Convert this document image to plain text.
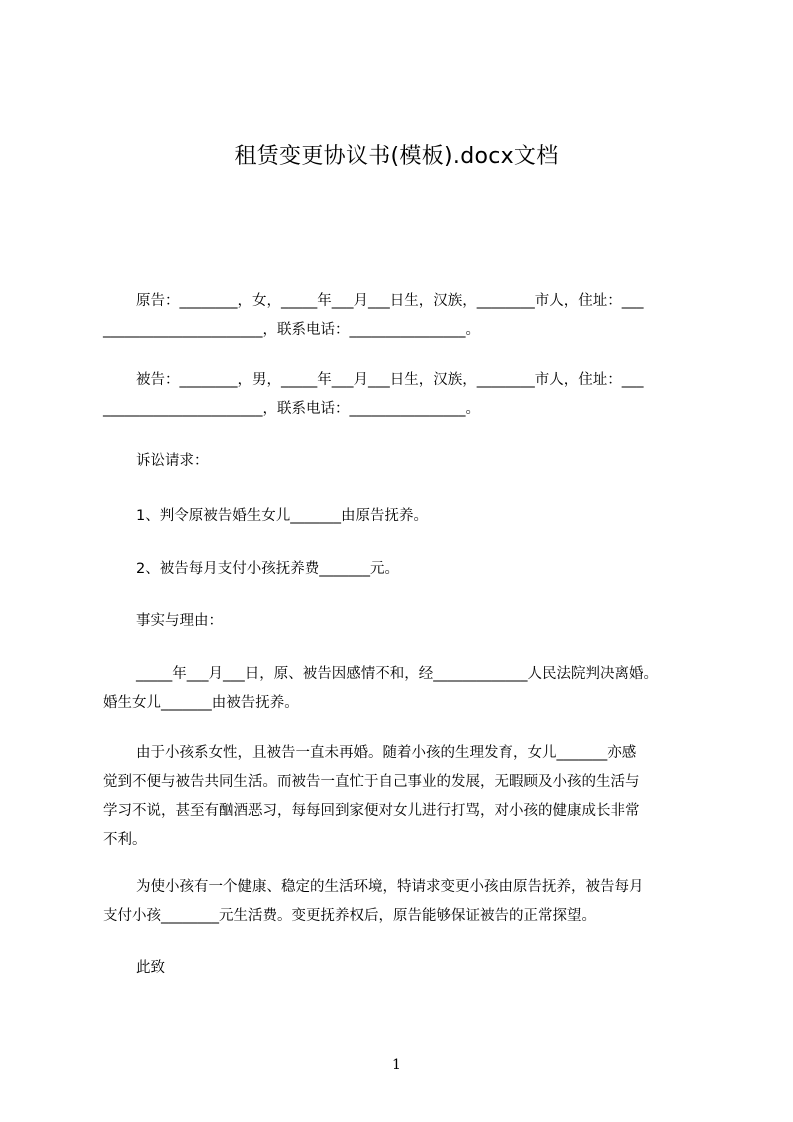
租赁变更协议书(模板).docx文档
原告：________，女，_____年___月___日生，汉族，________市人，住址：___
______________________，联系电话：________________。
被告：________，男，_____年___月___日生，汉族，________市人，住址：___
______________________，联系电话：________________。
诉讼请求：
1、判令原被告婚生女儿_______由原告抚养。
2、被告每月支付小孩抚养费_______元。
事实与理由：
_____年___月___日，原、被告因感情不和，经_____________人民法院判决离婚。
婚生女儿_______由被告抚养。
由于小孩系女性，且被告一直未再婚。随着小孩的生理发育，女儿_______亦感
觉到不便与被告共同生活。而被告一直忙于自己事业的发展，无暇顾及小孩的生活与
学习不说，甚至有酗酒恶习，每每回到家便对女儿进行打骂，对小孩的健康成长非常
不利。
为使小孩有一个健康、稳定的生活环境，特请求变更小孩由原告抚养，被告每月
支付小孩________元生活费。变更抚养权后，原告能够保证被告的正常探望。
此致
1
